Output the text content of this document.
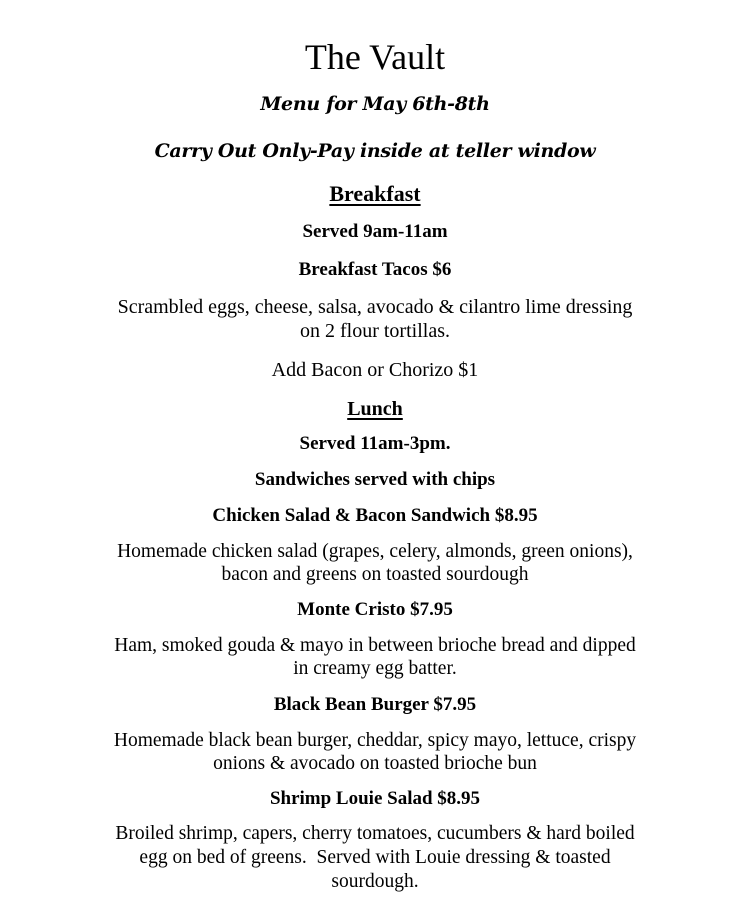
The Vault
Menu for May 6th-8th
Carry Out Only-Pay inside at teller window
Breakfast
Served 9am-11am
Breakfast Tacos $6
Scrambled eggs, cheese, salsa, avocado & cilantro lime dressing
on 2 flour tortillas.
Add Bacon or Chorizo $1
Lunch
Served 11am-3pm.
Sandwiches served with chips
Chicken Salad & Bacon Sandwich $8.95
Homemade chicken salad (grapes, celery, almonds, green onions),
bacon and greens on toasted sourdough
Monte Cristo $7.95
Ham, smoked gouda & mayo in between brioche bread and dipped
in creamy egg batter.
Black Bean Burger $7.95
Homemade black bean burger, cheddar, spicy mayo, lettuce, crispy
onions & avocado on toasted brioche bun
Shrimp Louie Salad $8.95
Broiled shrimp, capers, cherry tomatoes, cucumbers & hard boiled
egg on bed of greens.  Served with Louie dressing & toasted
sourdough.
